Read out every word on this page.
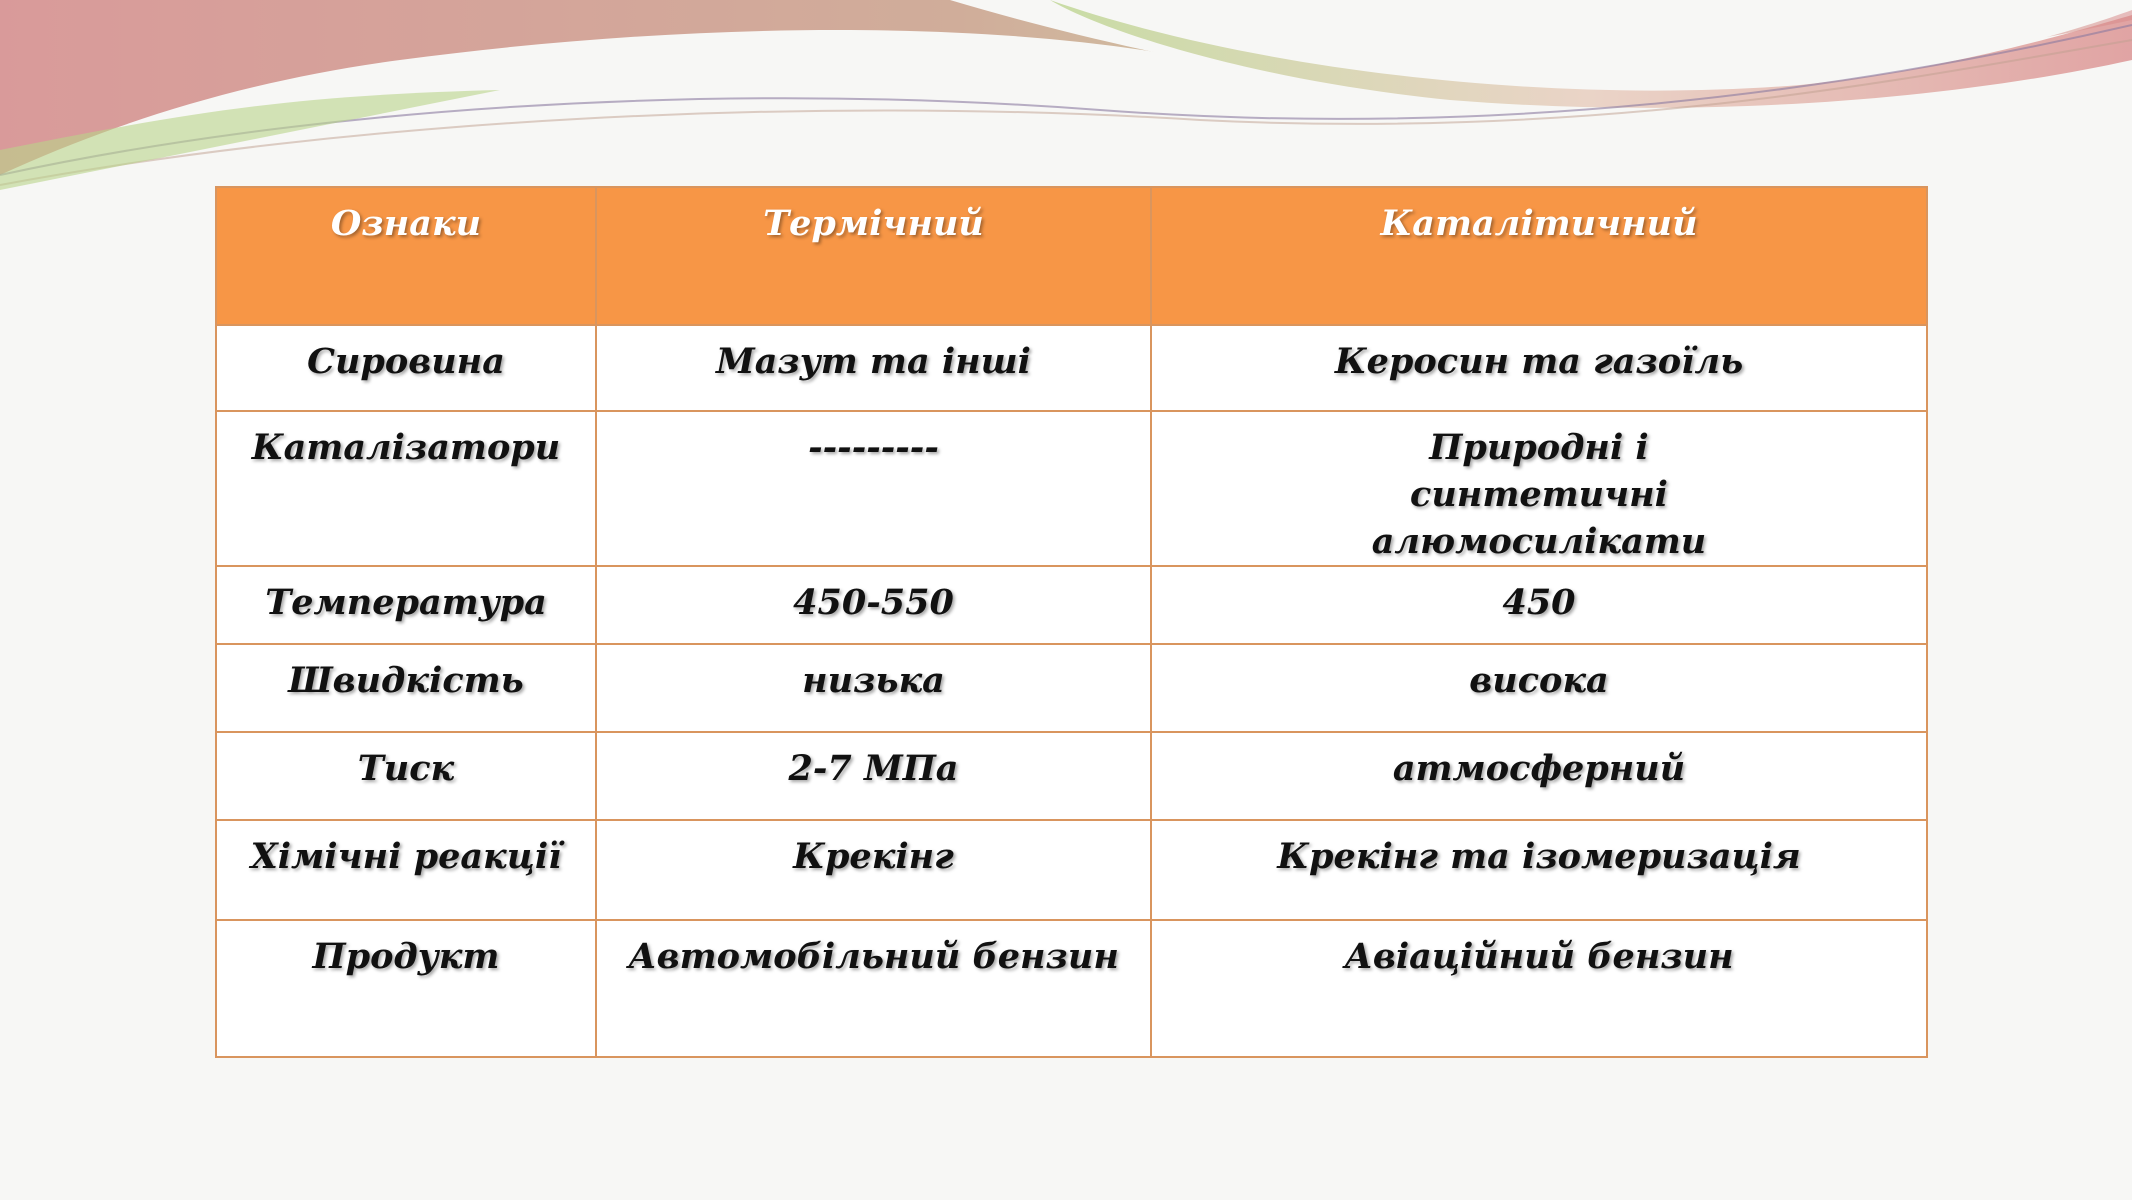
Ознаки	Термічний	Каталітичний
Сировина	Мазут та інші	Керосин та газоїль
Каталізатори	---------	Природні і синтетичні алюмосилікати
Температура	450-550	450
Швидкість	низька	висока
Тиск	2-7 МПа	атмосферний
Хімічні реакції	Крекінг	Крекінг та ізомеризація
Продукт	Автомобільний бензин	Авіаційний бензин
